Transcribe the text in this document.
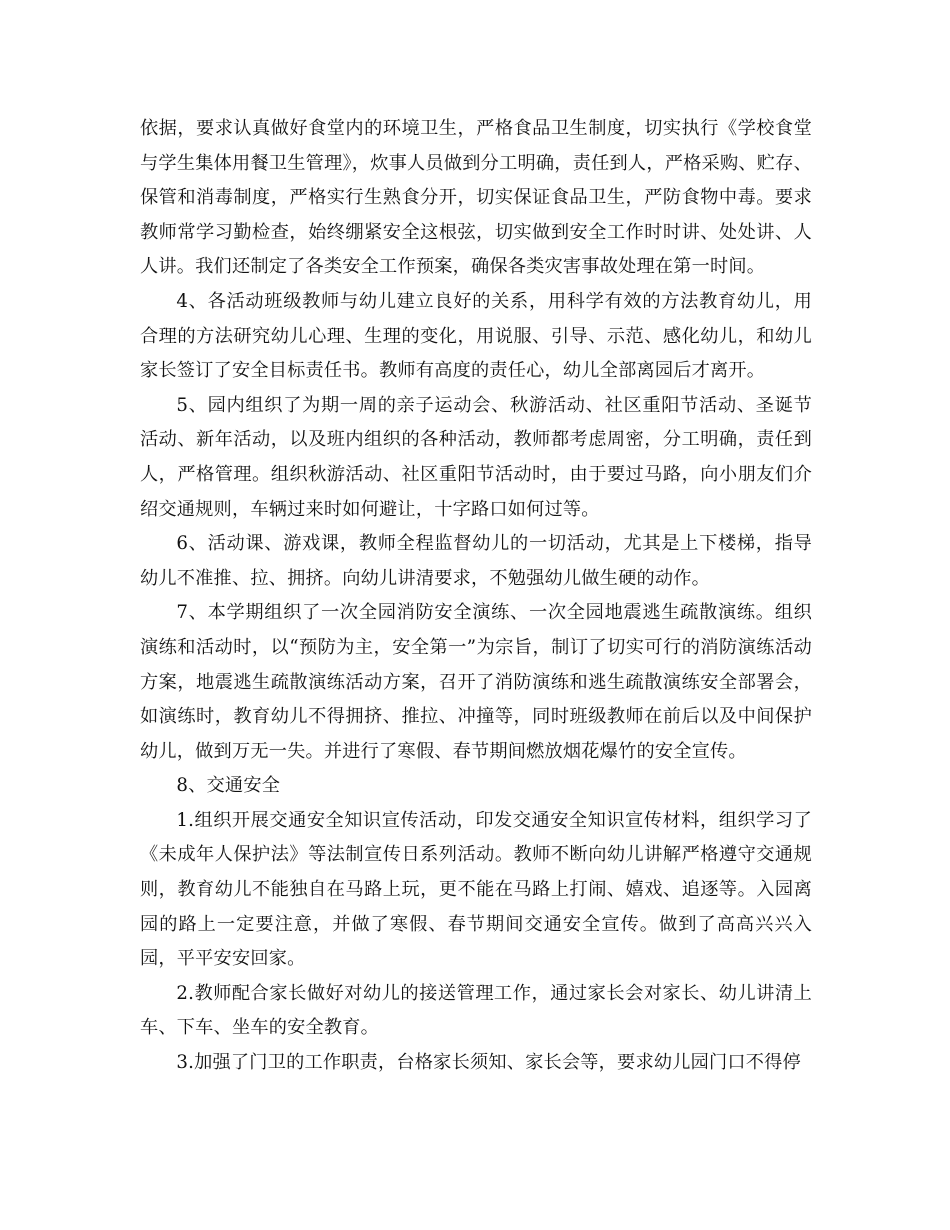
依据，要求认真做好食堂内的环境卫生，严格食品卫生制度，切实执行《学校食堂与学生集体用餐卫生管理》，炊事人员做到分工明确，责任到人，严格采购、贮存、保管和消毒制度，严格实行生熟食分开，切实保证食品卫生，严防食物中毒。要求教师常学习勤检查，始终绷紧安全这根弦，切实做到安全工作时时讲、处处讲、人人讲。我们还制定了各类安全工作预案，确保各类灾害事故处理在第一时间。

4、各活动班级教师与幼儿建立良好的关系，用科学有效的方法教育幼儿，用合理的方法研究幼儿心理、生理的变化，用说服、引导、示范、感化幼儿，和幼儿家长签订了安全目标责任书。教师有高度的责任心，幼儿全部离园后才离开。

5、园内组织了为期一周的亲子运动会、秋游活动、社区重阳节活动、圣诞节活动、新年活动，以及班内组织的各种活动，教师都考虑周密，分工明确，责任到人，严格管理。组织秋游活动、社区重阳节活动时，由于要过马路，向小朋友们介绍交通规则，车辆过来时如何避让，十字路口如何过等。

6、活动课、游戏课，教师全程监督幼儿的一切活动，尤其是上下楼梯，指导幼儿不准推、拉、拥挤。向幼儿讲清要求，不勉强幼儿做生硬的动作。

7、本学期组织了一次全园消防安全演练、一次全园地震逃生疏散演练。组织演练和活动时，以“预防为主，安全第一”为宗旨，制订了切实可行的消防演练活动方案，地震逃生疏散演练活动方案，召开了消防演练和逃生疏散演练安全部署会，如演练时，教育幼儿不得拥挤、推拉、冲撞等，同时班级教师在前后以及中间保护幼儿，做到万无一失。并进行了寒假、春节期间燃放烟花爆竹的安全宣传。

8、交通安全

1.组织开展交通安全知识宣传活动，印发交通安全知识宣传材料，组织学习了《未成年人保护法》等法制宣传日系列活动。教师不断向幼儿讲解严格遵守交通规则，教育幼儿不能独自在马路上玩，更不能在马路上打闹、嬉戏、追逐等。入园离园的路上一定要注意，并做了寒假、春节期间交通安全宣传。做到了高高兴兴入园，平平安安回家。

2.教师配合家长做好对幼儿的接送管理工作，通过家长会对家长、幼儿讲清上车、下车、坐车的安全教育。

3.加强了门卫的工作职责，台格家长须知、家长会等，要求幼儿园门口不得停
